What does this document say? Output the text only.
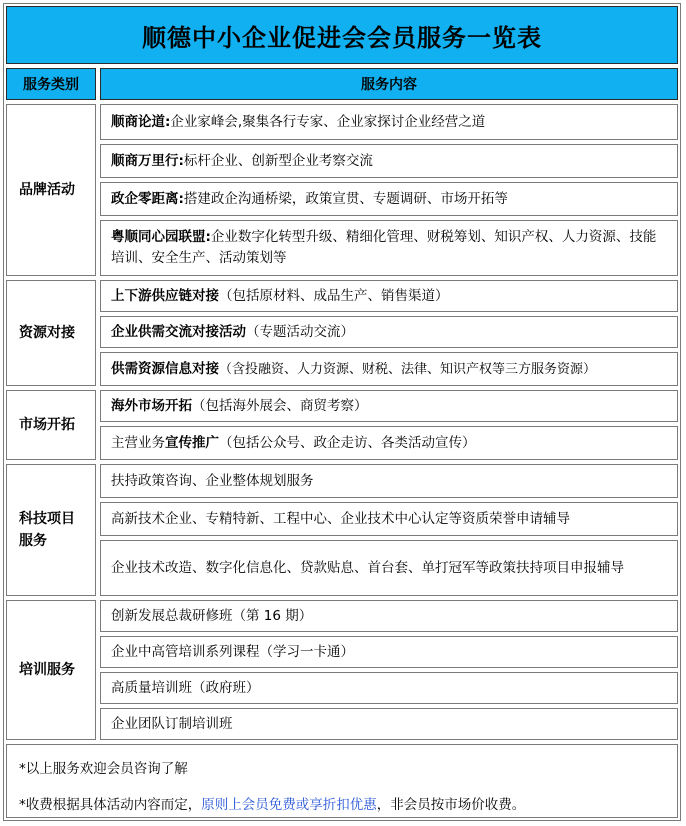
顺德中小企业促进会会员服务一览表
服务类别	服务内容
品牌活动
顺商论道: 企业家峰会,聚集各行专家、企业家探讨企业经营之道
顺商万里行: 标杆企业、创新型企业考察交流
政企零距离: 搭建政企沟通桥梁，政策宣贯、专题调研、市场开拓等
粤顺同心园联盟:企业数字化转型升级、精细化管理、财税筹划、知识产权、人力资源、技能培训、安全生产、活动策划等
资源对接
上下游供应链对接 （包括原材料、成品生产、销售渠道）
企业供需交流对接活动 （专题活动交流）
供需资源信息对接 （含投融资、人力资源、财税、法律、知识产权等三方服务资源）
市场开拓
海外市场开拓 （包括海外展会、商贸考察）
主营业务 宣传推广 （包括公众号、政企走访、各类活动宣传）
科技项目服务
扶持政策咨询、企业整体规划服务
高新技术企业、专精特新、工程中心、企业技术中心认定等资质荣誉申请辅导
企业技术改造、数字化信息化、贷款贴息、首台套、单打冠军等政策扶持项目申报辅导
培训服务
创新发展总裁研修班（第 16 期）
企业中高管培训系列课程（学习一卡通）
高质量培训班（政府班）
企业团队订制培训班
*以上服务欢迎会员咨询了解
*收费根据具体活动内容而定，原则上会员免费或享折扣优惠，非会员按市场价收费。
